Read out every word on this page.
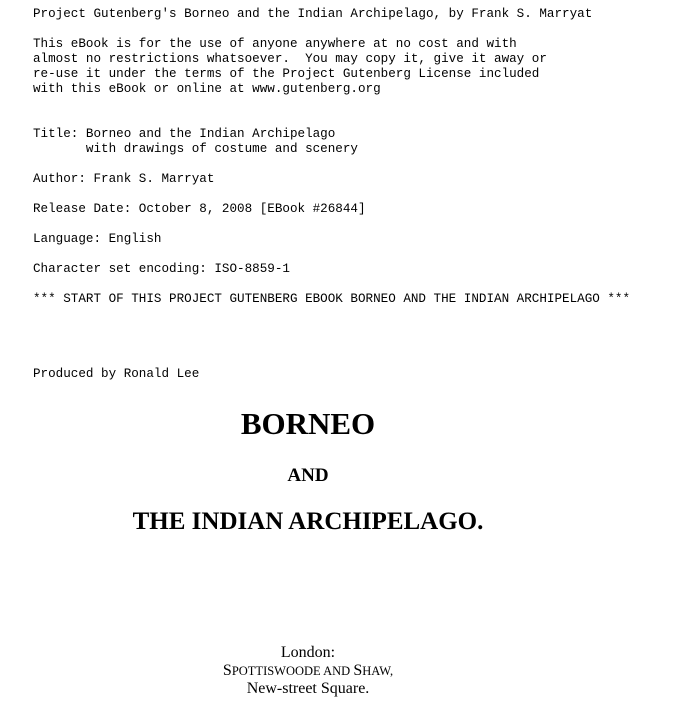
Project Gutenberg's Borneo and the Indian Archipelago, by Frank S. Marryat
This eBook is for the use of anyone anywhere at no cost and with
almost no restrictions whatsoever.  You may copy it, give it away or
re-use it under the terms of the Project Gutenberg License included
with this eBook or online at www.gutenberg.org
Title: Borneo and the Indian Archipelago
with drawings of costume and scenery
Author: Frank S. Marryat
Release Date: October 8, 2008 [EBook #26844]
Language: English
Character set encoding: ISO-8859-1
*** START OF THIS PROJECT GUTENBERG EBOOK BORNEO AND THE INDIAN ARCHIPELAGO ***
Produced by Ronald Lee
BORNEO
AND
THE INDIAN ARCHIPELAGO.
London:
SPOTTISWOODE AND SHAW,
New-street Square.
